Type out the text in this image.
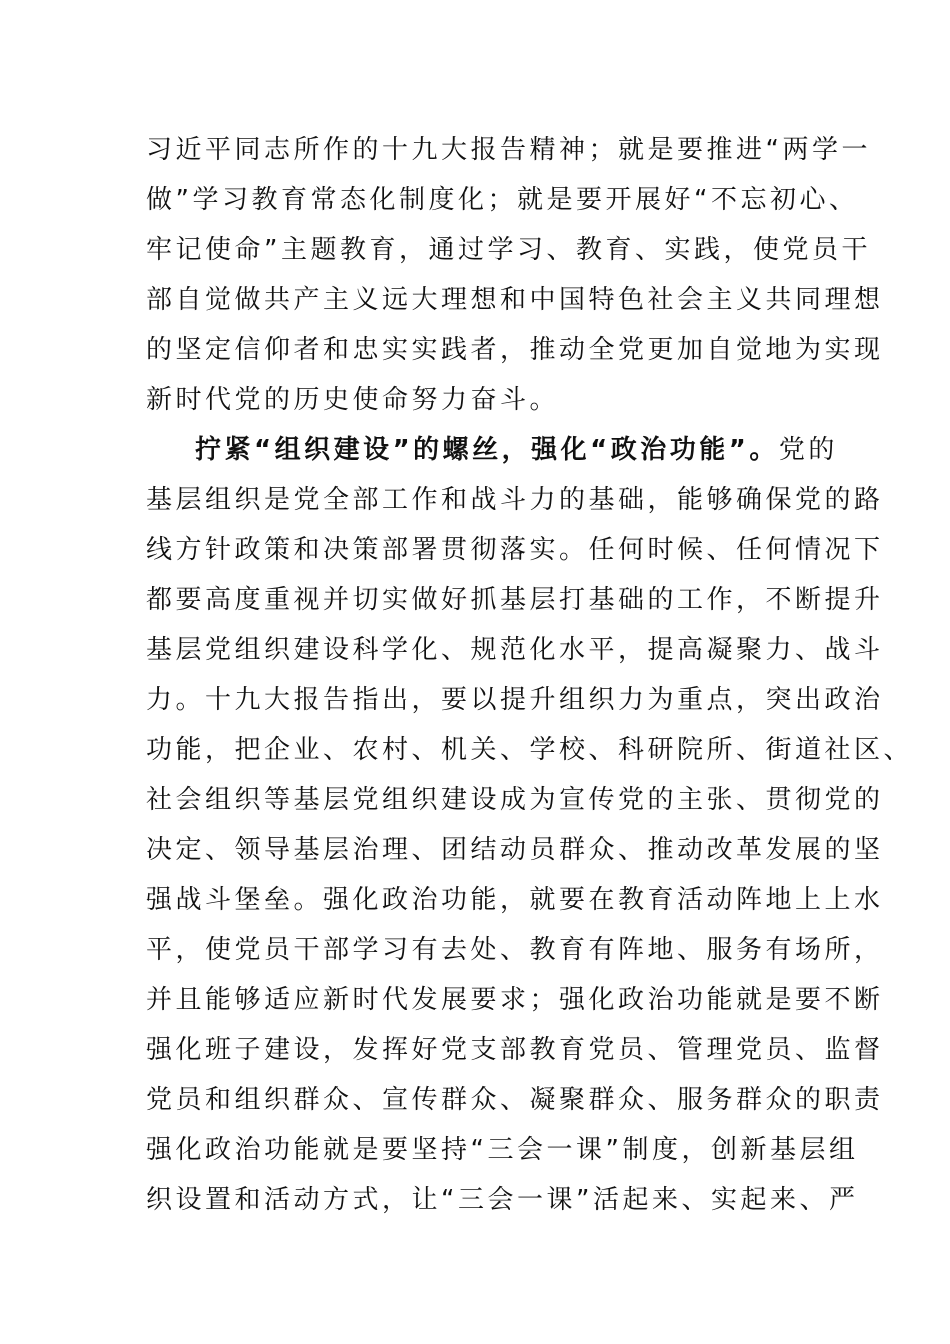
习近平同志所作的十九大报告精神；就是要推进“两学一
做”学习教育常态化制度化；就是要开展好“不忘初心、
牢记使命”主题教育，通过学习、教育、实践，使党员干
部自觉做共产主义远大理想和中国特色社会主义共同理想
的坚定信仰者和忠实实践者，推动全党更加自觉地为实现
新时代党的历史使命努力奋斗。
拧紧“组织建设”的螺丝，强化“政治功能”。党的
基层组织是党全部工作和战斗力的基础，能够确保党的路
线方针政策和决策部署贯彻落实。任何时候、任何情况下
都要高度重视并切实做好抓基层打基础的工作，不断提升
基层党组织建设科学化、规范化水平，提高凝聚力、战斗
力。十九大报告指出，要以提升组织力为重点，突出政治
功能，把企业、农村、机关、学校、科研院所、街道社区、
社会组织等基层党组织建设成为宣传党的主张、贯彻党的
决定、领导基层治理、团结动员群众、推动改革发展的坚
强战斗堡垒。强化政治功能，就要在教育活动阵地上上水
平，使党员干部学习有去处、教育有阵地、服务有场所，
并且能够适应新时代发展要求；强化政治功能就是要不断
强化班子建设，发挥好党支部教育党员、管理党员、监督
党员和组织群众、宣传群众、凝聚群众、服务群众的职责
强化政治功能就是要坚持“三会一课”制度，创新基层组
织设置和活动方式，让“三会一课”活起来、实起来、严
